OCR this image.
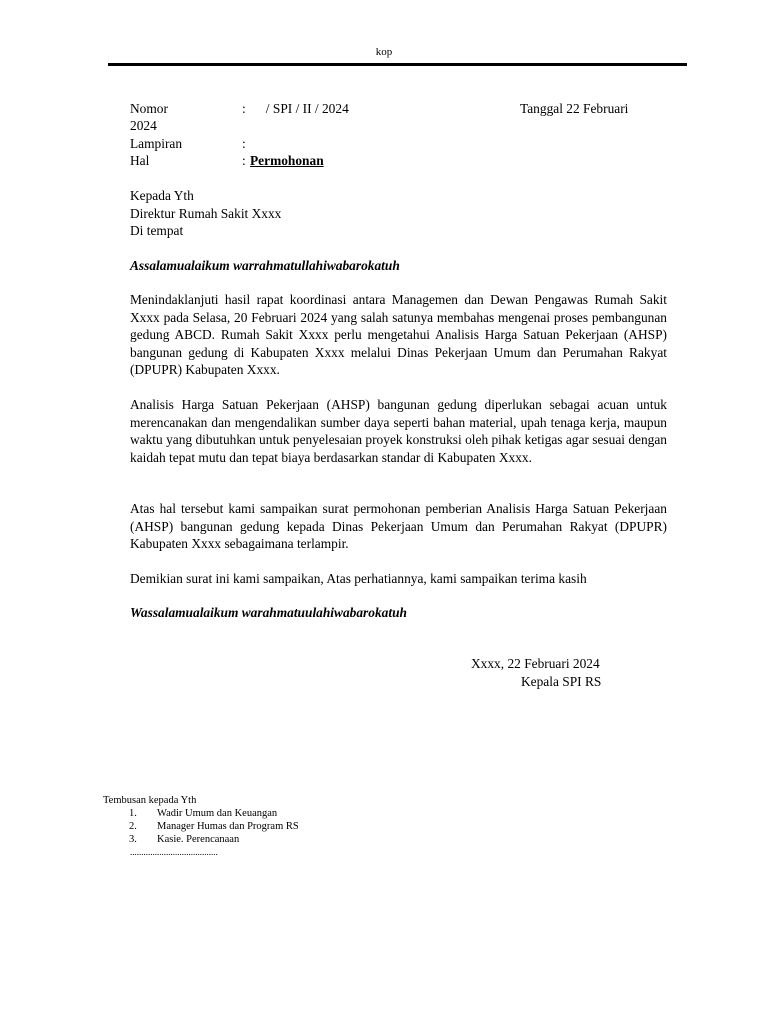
kop
Nomor	:      / SPI / II / 2024	Tanggal 22 Februari
2024
Lampiran	:
Hal	: Permohonan
Kepada Yth
Direktur Rumah Sakit Xxxx
Di tempat
Assalamualaikum warrahmatullahiwabarokatuh
Menindaklanjuti hasil rapat koordinasi antara Managemen dan Dewan Pengawas Rumah Sakit Xxxx pada Selasa, 20 Februari 2024 yang salah satunya membahas mengenai proses pembangunan gedung ABCD. Rumah Sakit Xxxx perlu mengetahui Analisis Harga Satuan Pekerjaan (AHSP) bangunan gedung di Kabupaten Xxxx melalui Dinas Pekerjaan Umum dan Perumahan Rakyat (DPUPR) Kabupaten Xxxx.
Analisis Harga Satuan Pekerjaan (AHSP) bangunan gedung diperlukan sebagai acuan untuk merencanakan dan mengendalikan sumber daya seperti bahan material, upah tenaga kerja, maupun waktu yang dibutuhkan untuk penyelesaian proyek konstruksi oleh pihak ketigas agar sesuai dengan kaidah tepat mutu dan tepat biaya berdasarkan standar di Kabupaten Xxxx.
Atas hal tersebut kami sampaikan surat permohonan pemberian Analisis Harga Satuan Pekerjaan (AHSP) bangunan gedung kepada Dinas Pekerjaan Umum dan Perumahan Rakyat (DPUPR) Kabupaten Xxxx sebagaimana terlampir.
Demikian surat ini kami sampaikan, Atas perhatiannya, kami sampaikan terima kasih
Wassalamualaikum warahmatuulahiwabarokatuh
Xxxx, 22 Februari 2024
Kepala SPI RS
Tembusan kepada Yth
1. Wadir Umum dan Keuangan
2. Manager Humas dan Program RS
3. Kasie. Perencanaan
.......................................
